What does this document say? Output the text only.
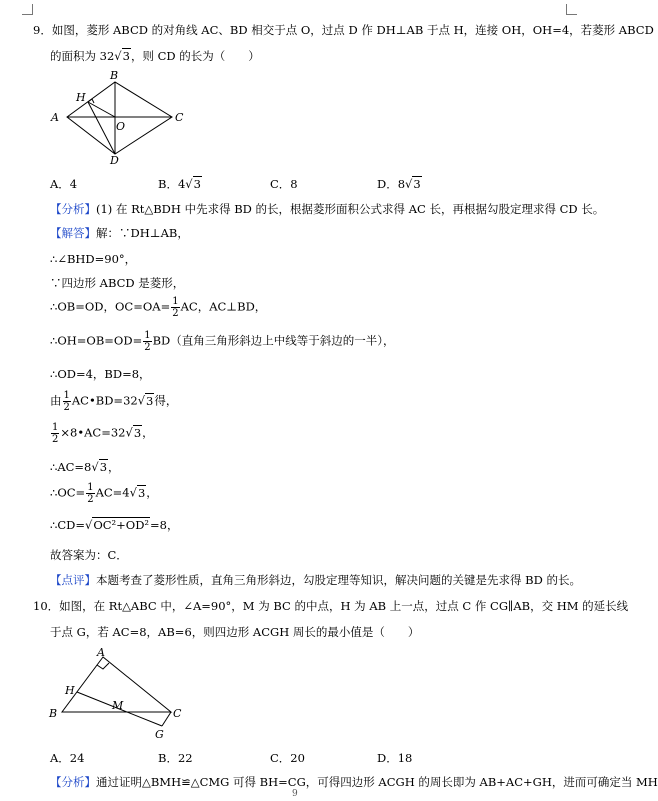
9．如图，菱形 ABCD 的对角线 AC、BD 相交于点 O，过点 D 作 DH⊥AB 于点 H，连接 OH，OH=4，若菱形 ABCD
的面积为 32√3，则 CD 的长为（　　）
A
B
C
D
H
O
A．4	B．4√3	C．8	D．8√3
【分析】(1) 在 Rt△BDH 中先求得 BD 的长，根据菱形面积公式求得 AC 长，再根据勾股定理求得 CD 长。
【解答】解：∵DH⊥AB，
∴∠BHD=90°，
∵四边形 ABCD 是菱形，
∴OB=OD，$OC=OA= \frac{1}{2}$ AC，AC⊥BD，
∴OH=OB=OD= $\frac{1}{2} BD$（直角三角形斜边上中线等于斜边的一半），
∴OD=4，BD=8，
由 $\frac{1}{2}$ AC•BD=32√3得，
$\frac{1}{2}$ ×8•AC=32√3，
∴AC=8√3，
∴OC= $\frac{1}{2} AC=4√3$，
∴CD=√OC²+OD²=8，
故答案为：C．
【点评】本题考查了菱形性质，直角三角形斜边，勾股定理等知识，解决问题的关键是先求得 BD 的长。
10．如图，在 Rt△ABC 中，∠A=90°，M 为 BC 的中点，H 为 AB 上一点，过点 C 作 CG∥AB，交 HM 的延长线
于点 G，若 AC=8，AB=6，则四边形 ACGH 周长的最小值是（　　）
A
B	C
G
H
M
A．24	B．22	C．20	D．18
【分析】通过证明△BMH≌△CMG 可得 BH=CG，可得四边形 ACGH 的周长即为 AB+AC+GH，进而可确定当 MH
9
